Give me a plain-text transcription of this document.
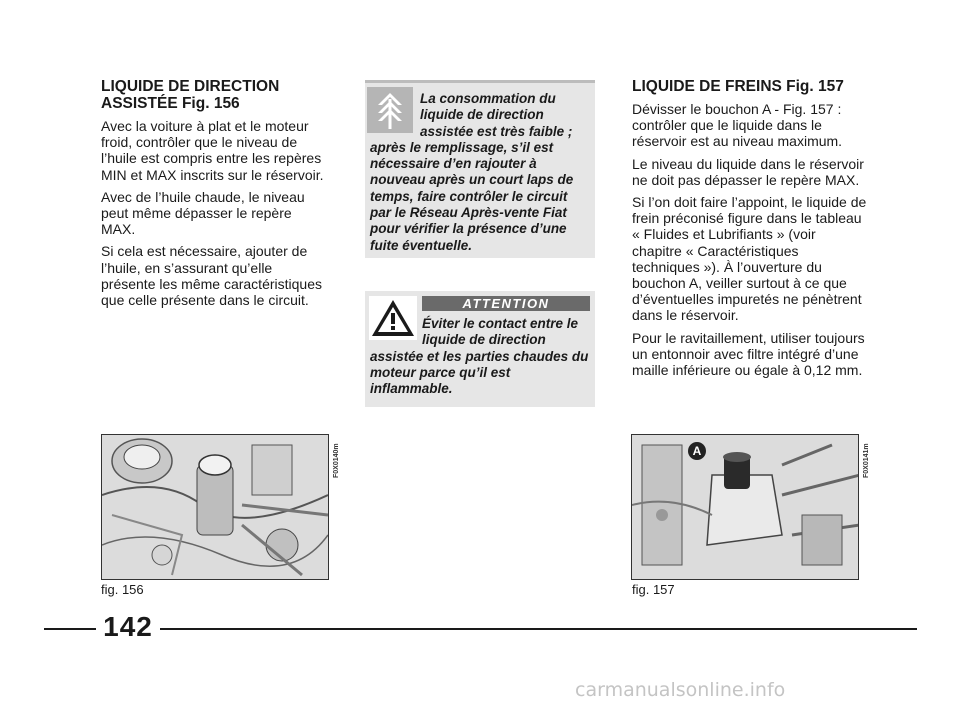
LIQUIDE DE DIRECTION
ASSISTÉE Fig. 156

Avec la voiture à plat et le moteur froid, contrôler que le niveau de l’huile est compris entre les repères MIN et MAX inscrits sur le réservoir.

Avec de l’huile chaude, le niveau peut même dépasser le repère MAX.

Si cela est nécessaire, ajouter de l’huile, en s’assurant qu’elle présente les même caractéristiques que celle présente dans le circuit.

La consommation du liquide de direction assistée est très faible ; après le remplissage, s’il est nécessaire d’en rajouter à nouveau après un court laps de temps, faire contrôler le circuit par le Réseau Après-vente Fiat pour vérifier la présence d’une fuite éventuelle.

ATTENTION

Éviter le contact entre le liquide de direction assistée et les parties chaudes du moteur parce qu’il est inflammable.

LIQUIDE DE FREINS Fig. 157

Dévisser le bouchon A - Fig. 157 : contrôler que le liquide dans le réservoir est au niveau maximum.

Le niveau du liquide dans le réservoir ne doit pas dépasser le repère MAX.

Si l’on doit faire l’appoint, le liquide de frein préconisé figure dans le tableau « Fluides et Lubrifiants » (voir chapitre « Caractéristiques techniques »). À l’ouverture du bouchon A, veiller surtout à ce que d’éventuelles impuretés ne pénètrent dans le réservoir.

Pour le ravitaillement, utiliser toujours un entonnoir avec filtre intégré d’une maille inférieure ou égale à 0,12 mm.

F0X0140m
fig. 156
A	F0X0141m
fig. 157
142
carmanualsonline.info
